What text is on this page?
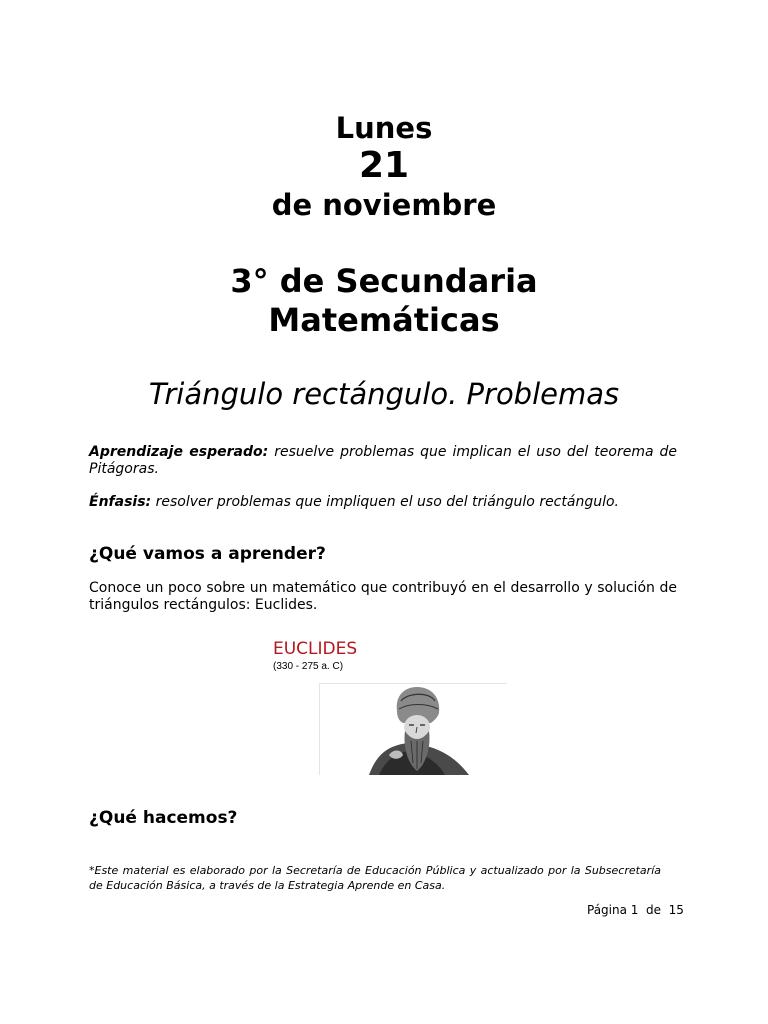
Lunes
21
de noviembre
3° de Secundaria
Matemáticas
Triángulo rectángulo. Problemas
Aprendizaje esperado: resuelve problemas que implican el uso del teorema de Pitágoras.
Énfasis: resolver problemas que impliquen el uso del triángulo rectángulo.
¿Qué vamos a aprender?
Conoce un poco sobre un matemático que contribuyó en el desarrollo y solución de triángulos rectángulos: Euclides.
EUCLIDES
(330 - 275 a. C)
¿Qué hacemos?
*Este material es elaborado por la Secretaría de Educación Pública y actualizado por la Subsecretaría de Educación Básica, a través de la Estrategia Aprende en Casa.
Página 1  de  15
